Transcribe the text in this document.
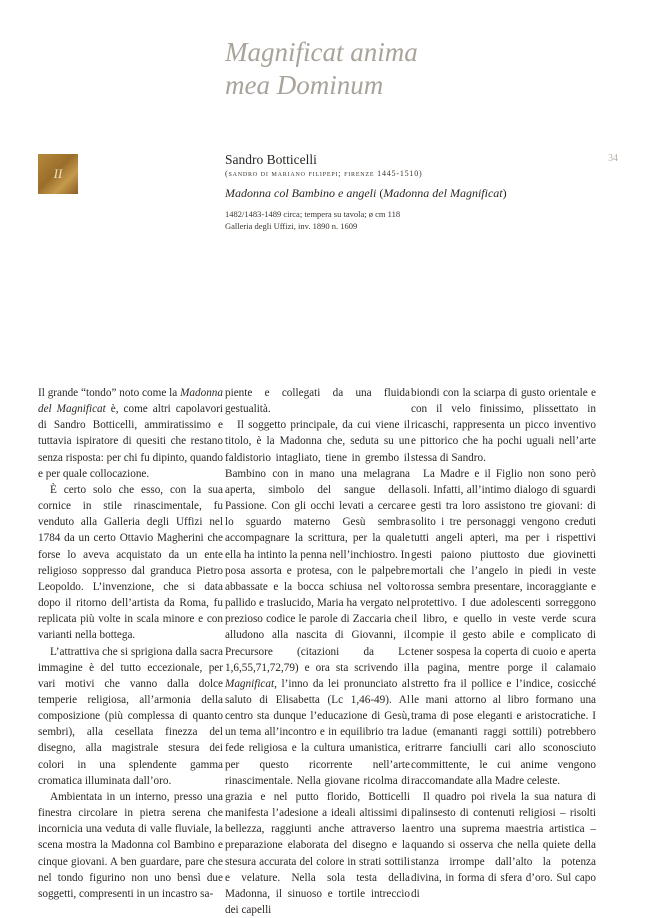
Magnificat anima
mea Dominum
II
34
Sandro Botticelli
(sandro di mariano filipepi; firenze 1445-1510)
Madonna col Bambino e angeli (Madonna del Magnificat)
1482/1483-1489 circa; tempera su tavola; ø cm 118
Galleria degli Uffizi, inv. 1890 n. 1609

Il grande “tondo” noto come la Madonna del Magnificat è, come altri capolavori di Sandro Botticelli, ammiratissimo e tuttavia ispiratore di quesiti che restano senza risposta: per chi fu dipinto, quando e per quale collocazione.

È certo solo che esso, con la sua cornice in stile rinascimentale, fu venduto alla Galleria degli Uffizi nel 1784 da un certo Ottavio Magherini che forse lo aveva acquistato da un ente religioso soppresso dal granduca Pietro Leopoldo. L’invenzione, che si data dopo il ritorno dell’artista da Roma, fu replicata più volte in scala minore e con varianti nella bottega.

L’attrattiva che si sprigiona dalla sacra immagine è del tutto eccezionale, per vari motivi che vanno dalla dolce temperie religiosa, all’armonia della composizione (più complessa di quanto sembri), alla cesellata finezza del disegno, alla magistrale stesura dei colori in una splendente gamma cromatica illuminata dall’oro.

Ambientata in un interno, presso una finestra circolare in pietra serena che incornicia una veduta di valle fluviale, la scena mostra la Madonna col Bambino e cinque giovani. A ben guardare, pare che nel tondo figurino non uno bensì due soggetti, compresenti in un incastro sa-

piente e collegati da una fluida gestualità.

Il soggetto principale, da cui viene il titolo, è la Madonna che, seduta su un faldistorio intagliato, tiene in grembo il Bambino con in mano una melagrana aperta, simbolo del sangue della Passione. Con gli occhi levati a cercare lo sguardo materno Gesù sembra accompagnare la scrittura, per la quale ella ha intinto la penna nell’inchiostro. In posa assorta e protesa, con le palpebre abbassate e la bocca schiusa nel volto pallido e traslucido, Maria ha vergato nel prezioso codice le parole di Zaccaria che alludono alla nascita di Giovanni, il Precursore (citazioni da Lc 1,6,55,71,72,79) e ora sta scrivendo il Magnificat, l’inno da lei pronunciato al saluto di Elisabetta (Lc 1,46-49). Al centro sta dunque l’educazione di Gesù, un tema all’incontro e in equilibrio tra la fede religiosa e la cultura umanistica, e per questo ricorrente nell’arte rinascimentale. Nella giovane ricolma di grazia e nel putto florido, Botticelli manifesta l’adesione a ideali altissimi di bellezza, raggiunti anche attraverso la preparazione elaborata del disegno e la stesura accurata del colore in strati sottili e velature. Nella sola testa della Madonna, il sinuoso e tortile intreccio dei capelli

biondi con la sciarpa di gusto orientale e con il velo finissimo, plissettato in ricaschi, rappresenta un picco inventivo e pittorico che ha pochi uguali nell’arte stessa di Sandro.

La Madre e il Figlio non sono però soli. Infatti, all’intimo dialogo di sguardi e gesti tra loro assistono tre giovani: di solito i tre personaggi vengono creduti tutti angeli apteri, ma per i rispettivi gesti paiono piuttosto due giovinetti mortali che l’angelo in piedi in veste rossa sembra presentare, incoraggiante e protettivo. I due adolescenti sorreggono il libro, e quello in veste verde scura compie il gesto abile e complicato di tener sospesa la coperta di cuoio e aperta la pagina, mentre porge il calamaio stretto fra il pollice e l’indice, cosicché le mani attorno al libro formano una trama di pose eleganti e aristocratiche. I due (emananti raggi sottili) potrebbero ritrarre fanciulli cari allo sconosciuto committente, le cui anime vengono raccomandate alla Madre celeste.

Il quadro poi rivela la sua natura di palinsesto di contenuti religiosi – risolti entro una suprema maestria artistica – quando si osserva che nella quiete della stanza irrompe dall’alto la potenza divina, in forma di sfera d’oro. Sul capo di
